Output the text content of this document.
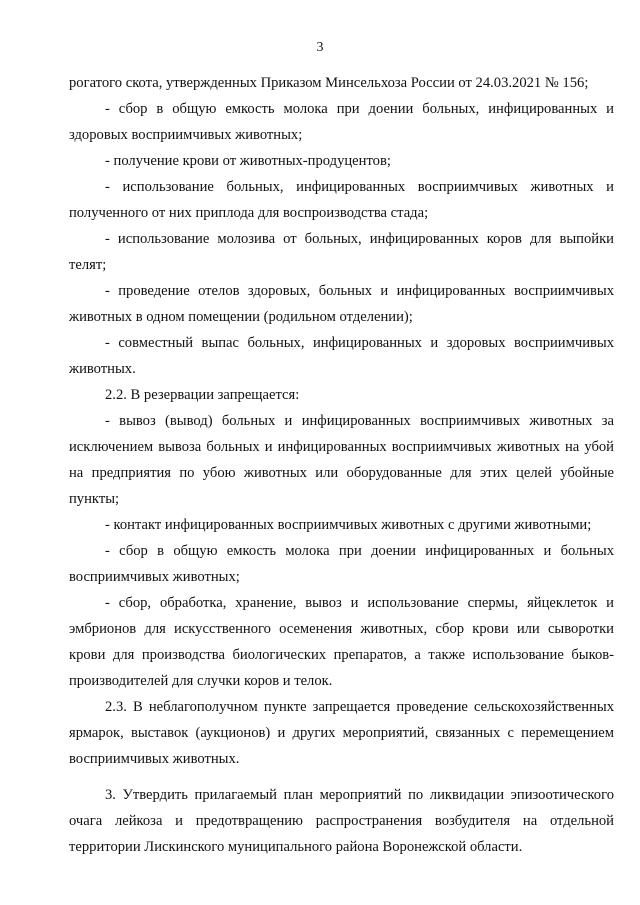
3

рогатого скота, утвержденных Приказом Минсельхоза России от 24.03.2021 № 156;

- сбор в общую емкость молока при доении больных, инфицированных и здоровых восприимчивых животных;

- получение крови от животных-продуцентов;

- использование больных, инфицированных восприимчивых животных и полученного от них приплода для воспроизводства стада;

- использование молозива от больных, инфицированных коров для выпойки телят;

- проведение отелов здоровых, больных и инфицированных восприимчивых животных в одном помещении (родильном отделении);

- совместный выпас больных, инфицированных и здоровых восприимчивых животных.

2.2. В резервации запрещается:

- вывоз (вывод) больных и инфицированных восприимчивых животных за исключением вывоза больных и инфицированных восприимчивых животных на убой на предприятия по убою животных или оборудованные для этих целей убойные пункты;

- контакт инфицированных восприимчивых животных с другими животными;

- сбор в общую емкость молока при доении инфицированных и больных восприимчивых животных;

- сбор, обработка, хранение, вывоз и использование спермы, яйцеклеток и эмбрионов для искусственного осеменения животных, сбор крови или сыворотки крови для производства биологических препаратов, а также использование быков-производителей для случки коров и телок.

2.3. В неблагополучном пункте запрещается проведение сельскохозяйственных ярмарок, выставок (аукционов) и других мероприятий, связанных с перемещением восприимчивых животных.

3. Утвердить прилагаемый план мероприятий по ликвидации эпизоотического очага лейкоза и предотвращению распространения возбудителя на отдельной территории Лискинского муниципального района Воронежской области.
